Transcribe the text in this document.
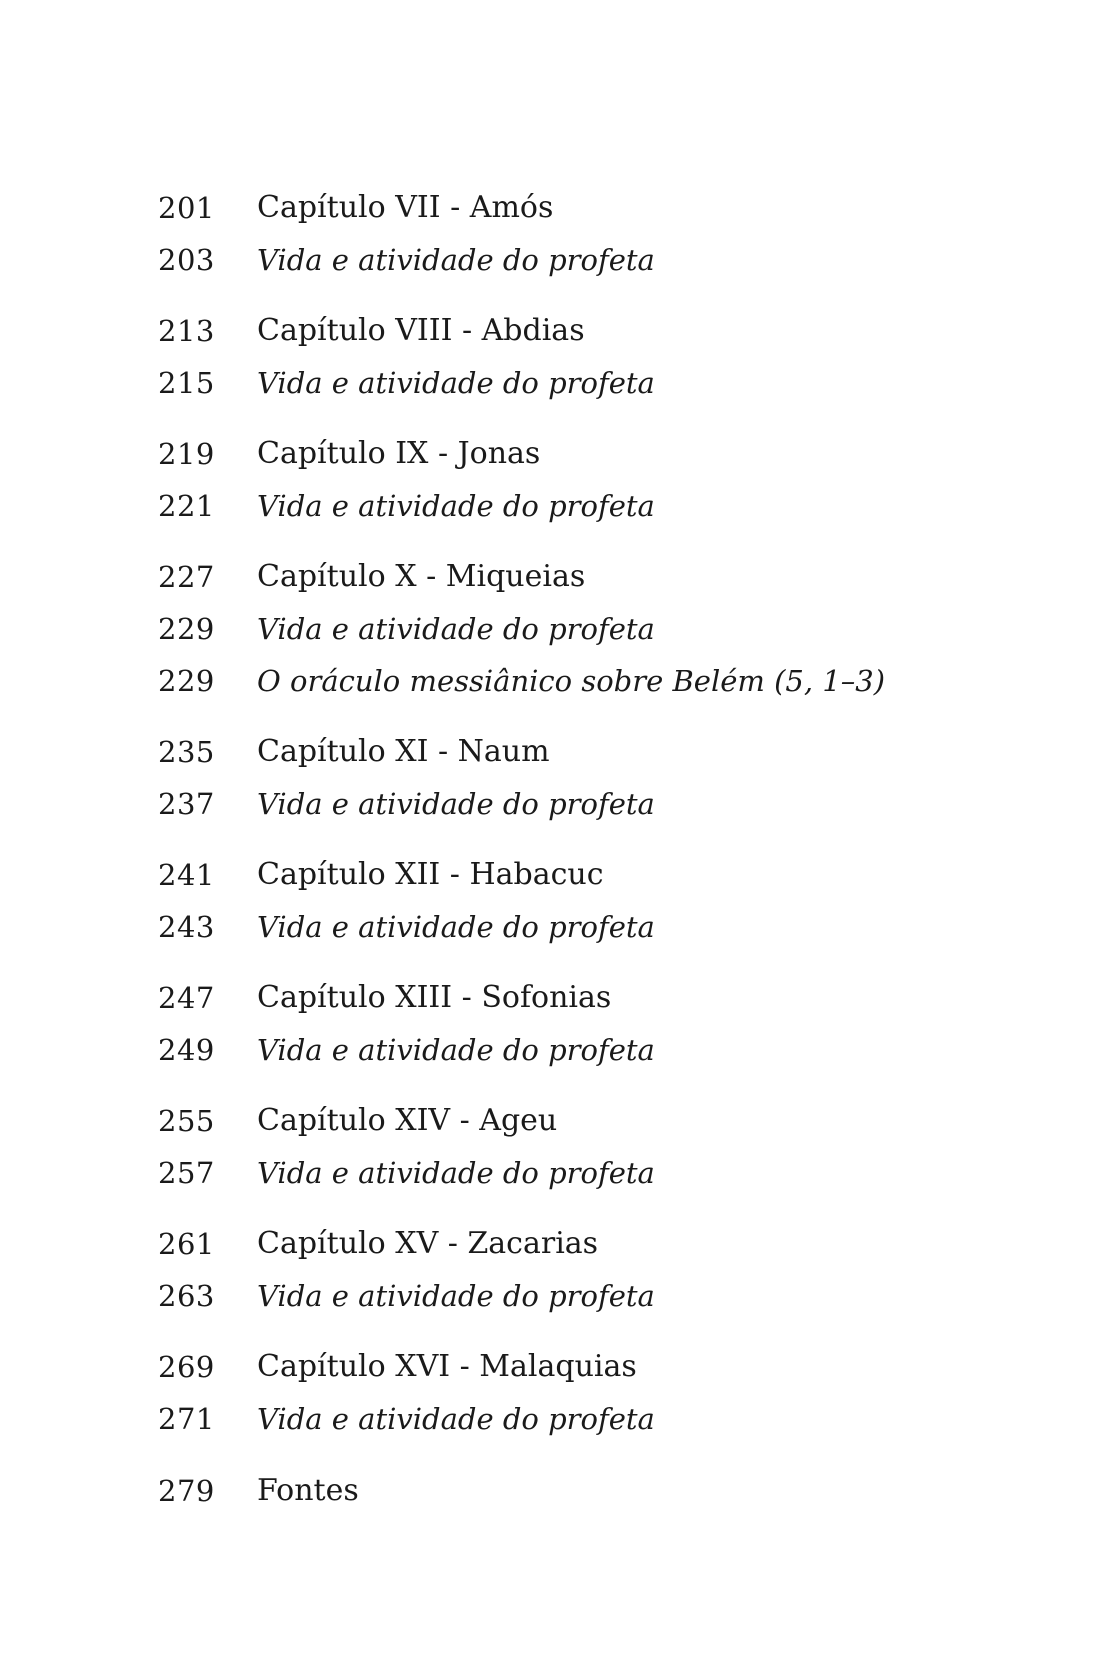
201 Capítulo VII - Amós
203 Vida e atividade do profeta
213 Capítulo VIII - Abdias
215 Vida e atividade do profeta
219 Capítulo IX - Jonas
221 Vida e atividade do profeta
227 Capítulo X - Miqueias
229 Vida e atividade do profeta
229 O oráculo messiânico sobre Belém (5, 1–3)
235 Capítulo XI - Naum
237 Vida e atividade do profeta
241 Capítulo XII - Habacuc
243 Vida e atividade do profeta
247 Capítulo XIII - Sofonias
249 Vida e atividade do profeta
255 Capítulo XIV - Ageu
257 Vida e atividade do profeta
261 Capítulo XV - Zacarias
263 Vida e atividade do profeta
269 Capítulo XVI - Malaquias
271 Vida e atividade do profeta
279 Fontes
